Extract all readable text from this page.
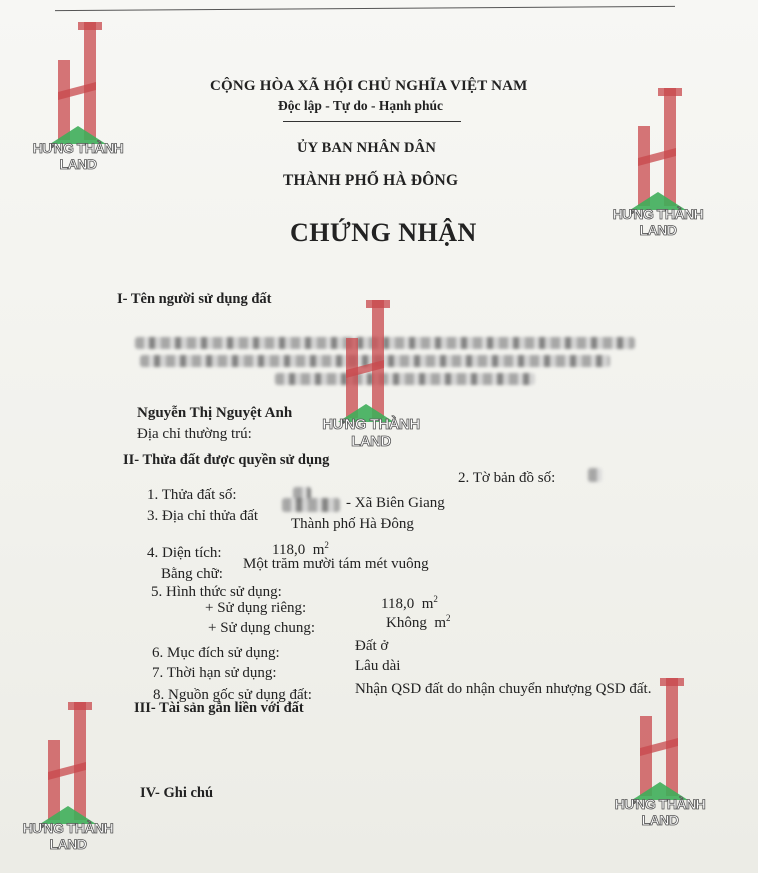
CỘNG HÒA XÃ HỘI CHỦ NGHĨA VIỆT NAM
Độc lập - Tự do - Hạnh phúc
ỦY BAN NHÂN DÂN
THÀNH PHỐ HÀ ĐÔNG
CHỨNG NHẬN
I- Tên người sử dụng đất
Nguyễn Thị Nguyệt Anh
Địa chỉ thường trú:
II- Thửa đất được quyền sử dụng
2. Tờ bản đồ số:
1. Thửa đất số:
3. Địa chỉ thửa đất
- Xã Biên Giang
Thành phố Hà Đông
4. Diện tích:	118,0 $m^2$
Bằng chữ:
Một trăm mười tám mét vuông
5. Hình thức sử dụng:
+ Sử dụng riêng:	118,0 $m^2$
+ Sử dụng chung:	Không $m^2$
6. Mục đích sử dụng:	Đất ở
7. Thời hạn sử dụng:	Lâu dài
8. Nguồn gốc sử dụng đất:	Nhận QSD đất do nhận chuyển nhượng QSD đất.
III- Tài sản gắn liền với đất
IV- Ghi chú
HƯNG THÀNH LAND
HƯNG THÀNH LAND
HƯNG THÀNH LAND
HƯNG THÀNH LAND
HƯNG THÀNH LAND
